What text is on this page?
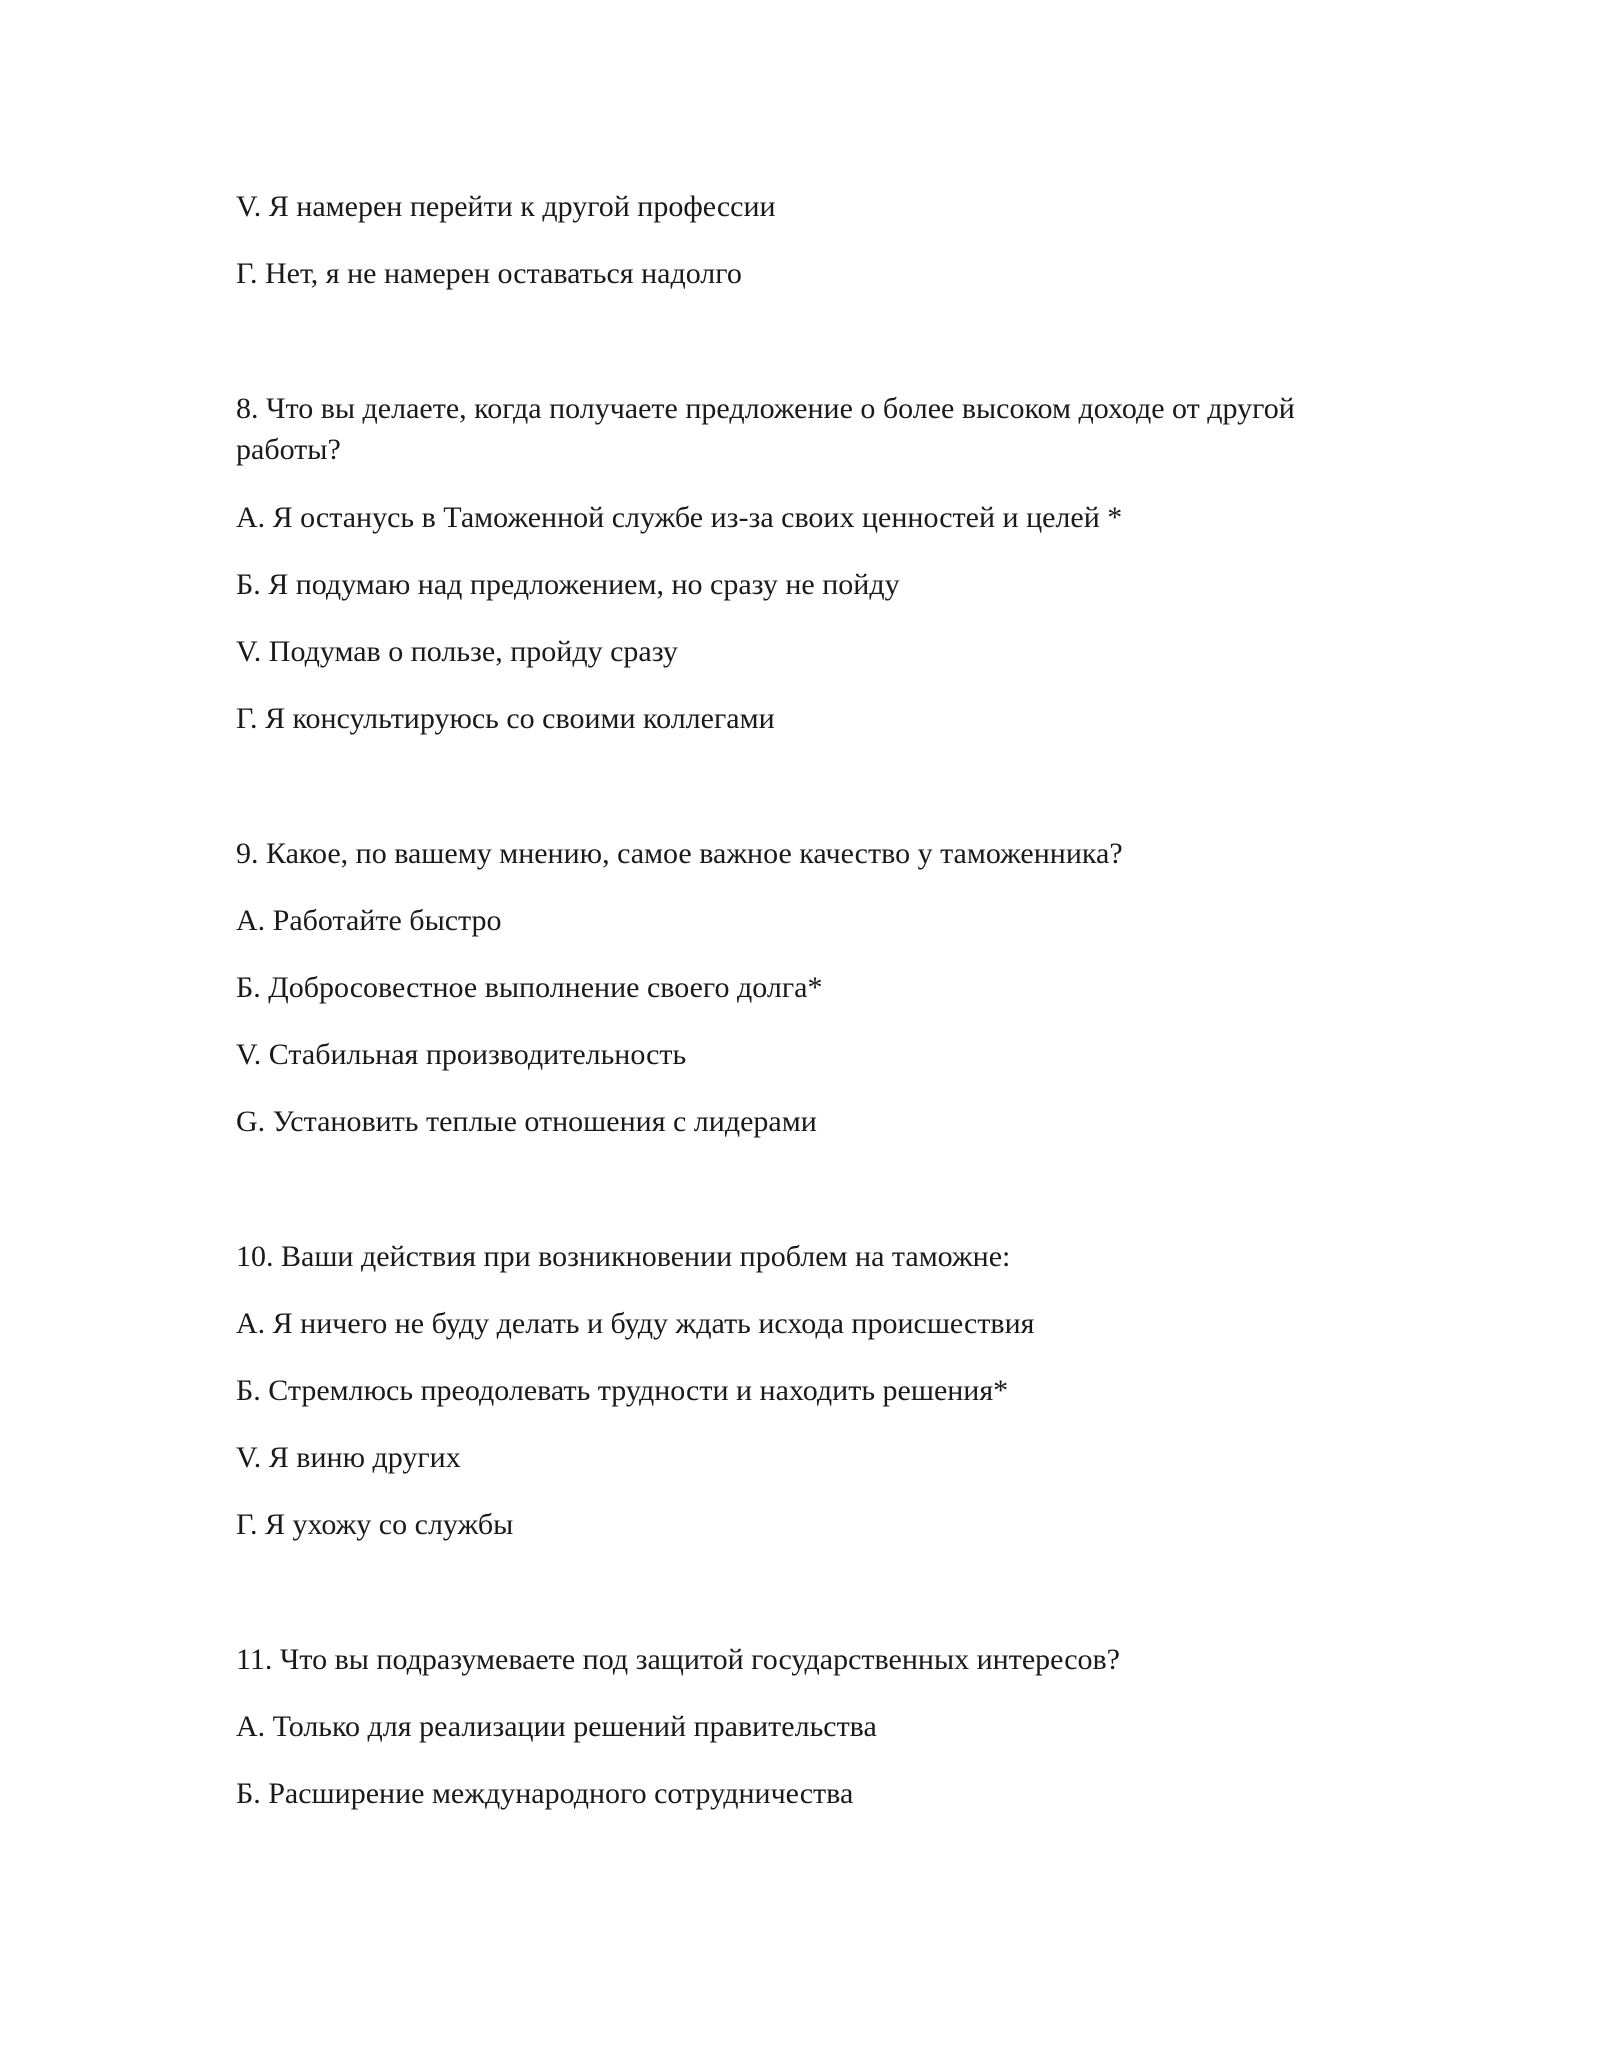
V. Я намерен перейти к другой профессии
Г. Нет, я не намерен оставаться надолго
8. Что вы делаете, когда получаете предложение о более высоком доходе от другой работы?
А. Я останусь в Таможенной службе из-за своих ценностей и целей *
Б. Я подумаю над предложением, но сразу не пойду
V. Подумав о пользе, пройду сразу
Г. Я консультируюсь со своими коллегами
9. Какое, по вашему мнению, самое важное качество у таможенника?
А. Работайте быстро
Б. Добросовестное выполнение своего долга*
V. Стабильная производительность
G. Установить теплые отношения с лидерами
10. Ваши действия при возникновении проблем на таможне:
А. Я ничего не буду делать и буду ждать исхода происшествия
Б. Стремлюсь преодолевать трудности и находить решения*
V. Я виню других
Г. Я ухожу со службы
11. Что вы подразумеваете под защитой государственных интересов?
А. Только для реализации решений правительства
Б. Расширение международного сотрудничества
